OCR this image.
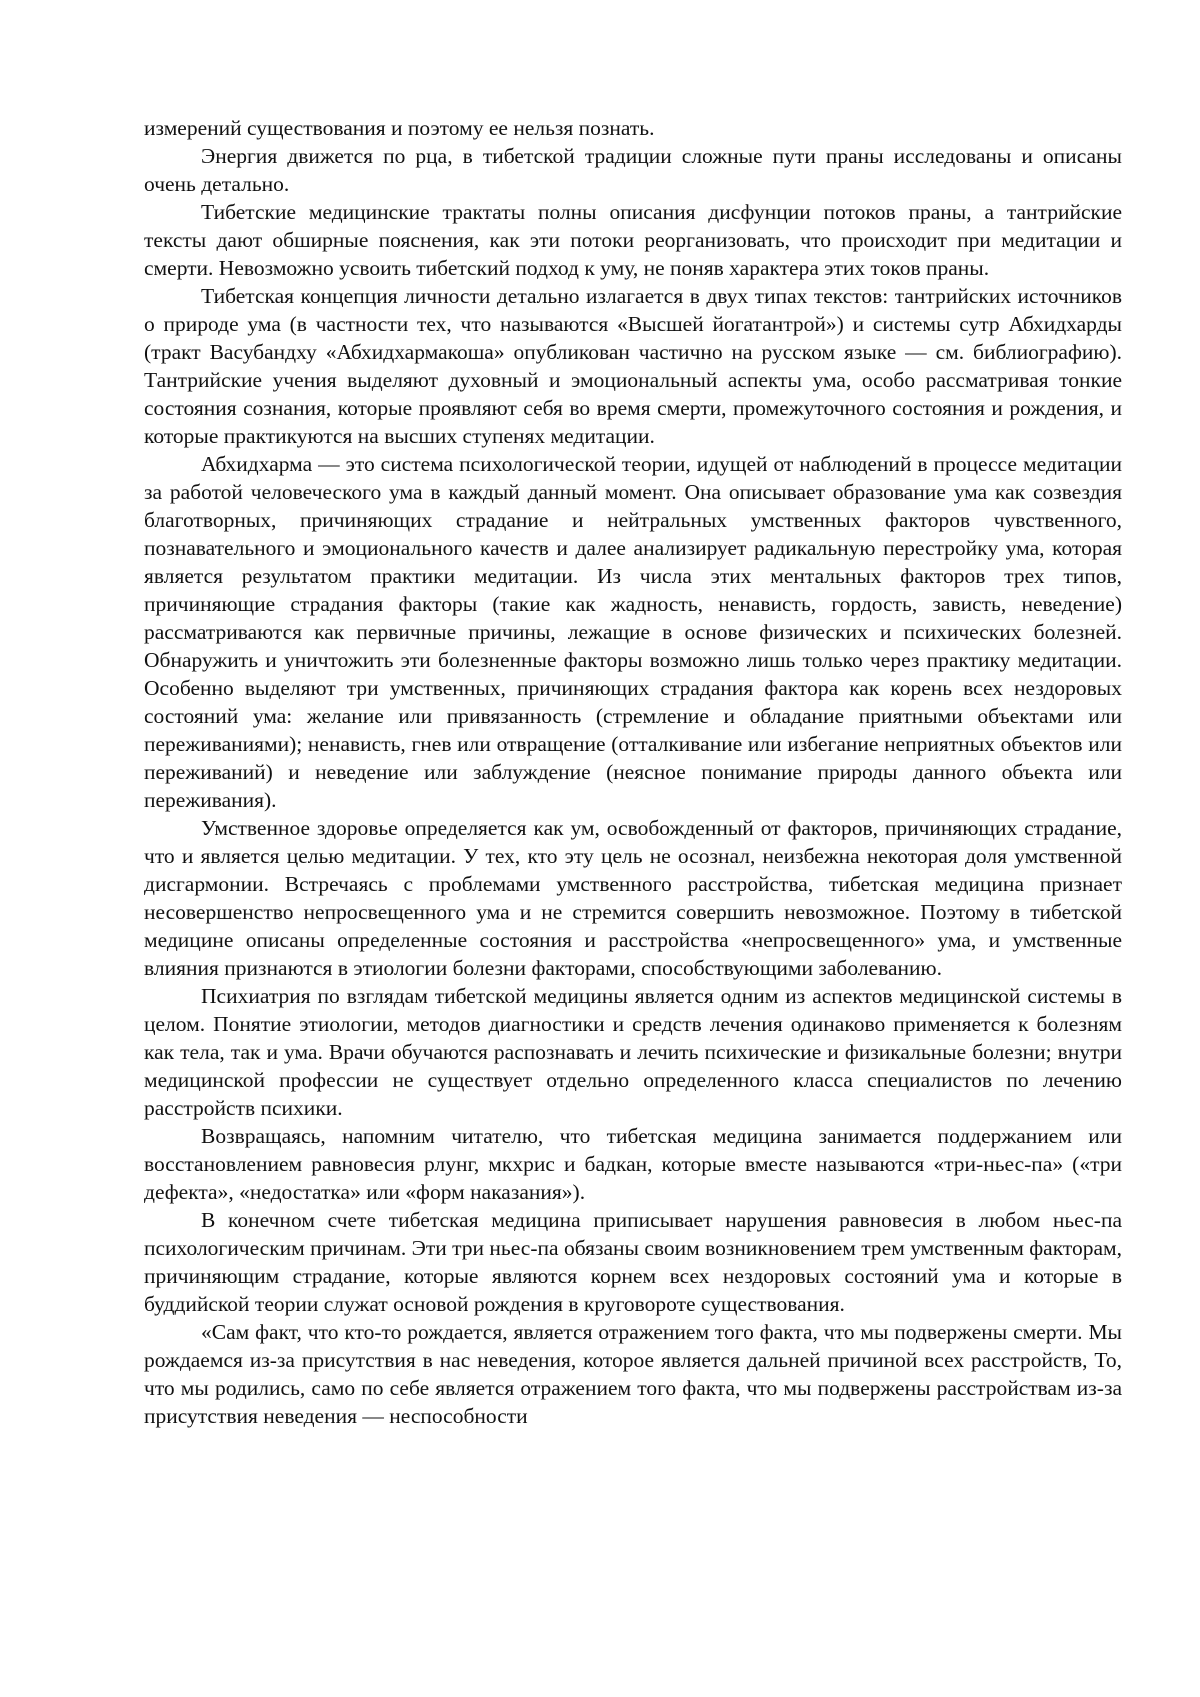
измерений существования и поэтому ее нельзя познать.

Энергия движется по рца, в тибетской традиции сложные пути праны исследованы и описаны очень детально.

Тибетские медицинские трактаты полны описания дисфунции потоков праны, а тантрийские тексты дают обширные пояснения, как эти потоки реорганизовать, что происходит при медитации и смерти. Невозможно усвоить тибетский подход к уму, не поняв характера этих токов праны.

Тибетская концепция личности детально излагается в двух типах текстов: тантрийских источников о природе ума (в частности тех, что называются «Высшей йогатантрой») и системы сутр Абхидхарды (тракт Васубандху «Абхидхармакоша» опубликован частично на русском языке — см. библиографию). Тантрийские учения выделяют духовный и эмоциональный аспекты ума, особо рассматривая тонкие состояния сознания, которые проявляют себя во время смерти, промежуточного состояния и рождения, и которые практикуются на высших ступенях медитации.

Абхидхарма — это система психологической теории, идущей от наблюдений в процессе медитации за работой человеческого ума в каждый данный момент. Она описывает образование ума как созвездия благотворных, причиняющих страдание и нейтральных умственных факторов чувственного, познавательного и эмоционального качеств и далее анализирует радикальную перестройку ума, которая является результатом практики медитации. Из числа этих ментальных факторов трех типов, причиняющие страдания факторы (такие как жадность, ненависть, гордость, зависть, неведение) рассматриваются как первичные причины, лежащие в основе физических и психических болезней. Обнаружить и уничтожить эти болезненные факторы возможно лишь только через практику медитации. Особенно выделяют три умственных, причиняющих страдания фактора как корень всех нездоровых состояний ума: желание или привязанность (стремление и обладание приятными объектами или переживаниями); ненависть, гнев или отвращение (отталкивание или избегание неприятных объектов или переживаний) и неведение или заблуждение (неясное понимание природы данного объекта или переживания).

Умственное здоровье определяется как ум, освобожденный от факторов, причиняющих страдание, что и является целью медитации. У тех, кто эту цель не осознал, неизбежна некоторая доля умственной дисгармонии. Встречаясь с проблемами умственного расстройства, тибетская медицина признает несовершенство непросвещенного ума и не стремится совершить невозможное. Поэтому в тибетской медицине описаны определенные состояния и расстройства «непросвещенного» ума, и умственные влияния признаются в этиологии болезни факторами, способствующими заболеванию.

Психиатрия по взглядам тибетской медицины является одним из аспектов медицинской системы в целом. Понятие этиологии, методов диагностики и средств лечения одинаково применяется к болезням как тела, так и ума. Врачи обучаются распознавать и лечить психические и физикальные болезни; внутри медицинской профессии не существует отдельно определенного класса специалистов по лечению расстройств психики.

Возвращаясь, напомним читателю, что тибетская медицина занимается поддержанием или восстановлением равновесия рлунг, мкхрис и бадкан, которые вместе называются «три-ньес-па» («три дефекта», «недостатка» или «форм наказания»).

В конечном счете тибетская медицина приписывает нарушения равновесия в любом ньес-па психологическим причинам. Эти три ньес-па обязаны своим возникновением трем умственным факторам, причиняющим страдание, которые являются корнем всех нездоровых состояний ума и которые в буддийской теории служат основой рождения в круговороте существования.

«Сам факт, что кто-то рождается, является отражением того факта, что мы подвержены смерти. Мы рождаемся из-за присутствия в нас неведения, которое является дальней причиной всех расстройств, То, что мы родились, само по себе является отражением того факта, что мы подвержены расстройствам из-за присутствия неведения — неспособности
